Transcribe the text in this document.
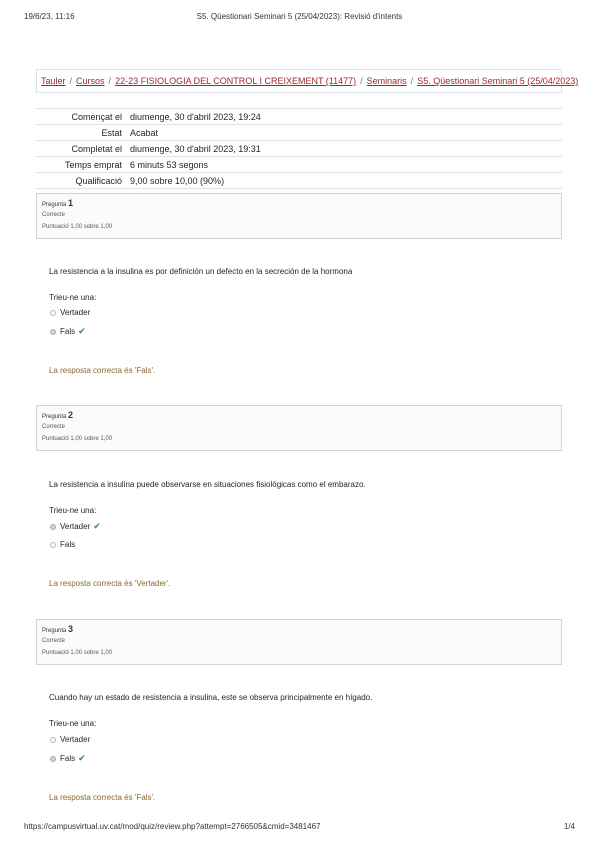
19/6/23, 11:16	S5. Qüestionari Seminari 5 (25/04/2023): Revisió d'intents
Tauler / Cursos / 22-23 FISIOLOGIA DEL CONTROL I CREIXEMENT (11477) / Seminaris / S5. Qüestionari Seminari 5 (25/04/2023)
Començat el	diumenge, 30 d'abril 2023, 19:24
Estat	Acabat
Completat el	diumenge, 30 d'abril 2023, 19:31
Temps emprat	6 minuts 53 segons
Qualificació	9,00 sobre 10,00 (90%)
Pregunta 1
Correcte
Puntuació 1,00 sobre 1,00
La resistencia a la insulina es por definición un defecto en la secreción de la hormona
Trieu-ne una:
Vertader
Fals ✔
La resposta correcta és 'Fals'.
Pregunta 2
Correcte
Puntuació 1,00 sobre 1,00
La resistencia a insulina puede observarse en situaciones fisiológicas como el embarazo.
Trieu-ne una:
Vertader ✔
Fals
La resposta correcta és 'Vertader'.
Pregunta 3
Correcte
Puntuació 1,00 sobre 1,00
Cuando hay un estado de resistencia a insulina, este se observa principalmente en hígado.
Trieu-ne una:
Vertader
Fals ✔
La resposta correcta és 'Fals'.
https://campusvirtual.uv.cat/mod/quiz/review.php?attempt=2766505&cmid=3481467	1/4
